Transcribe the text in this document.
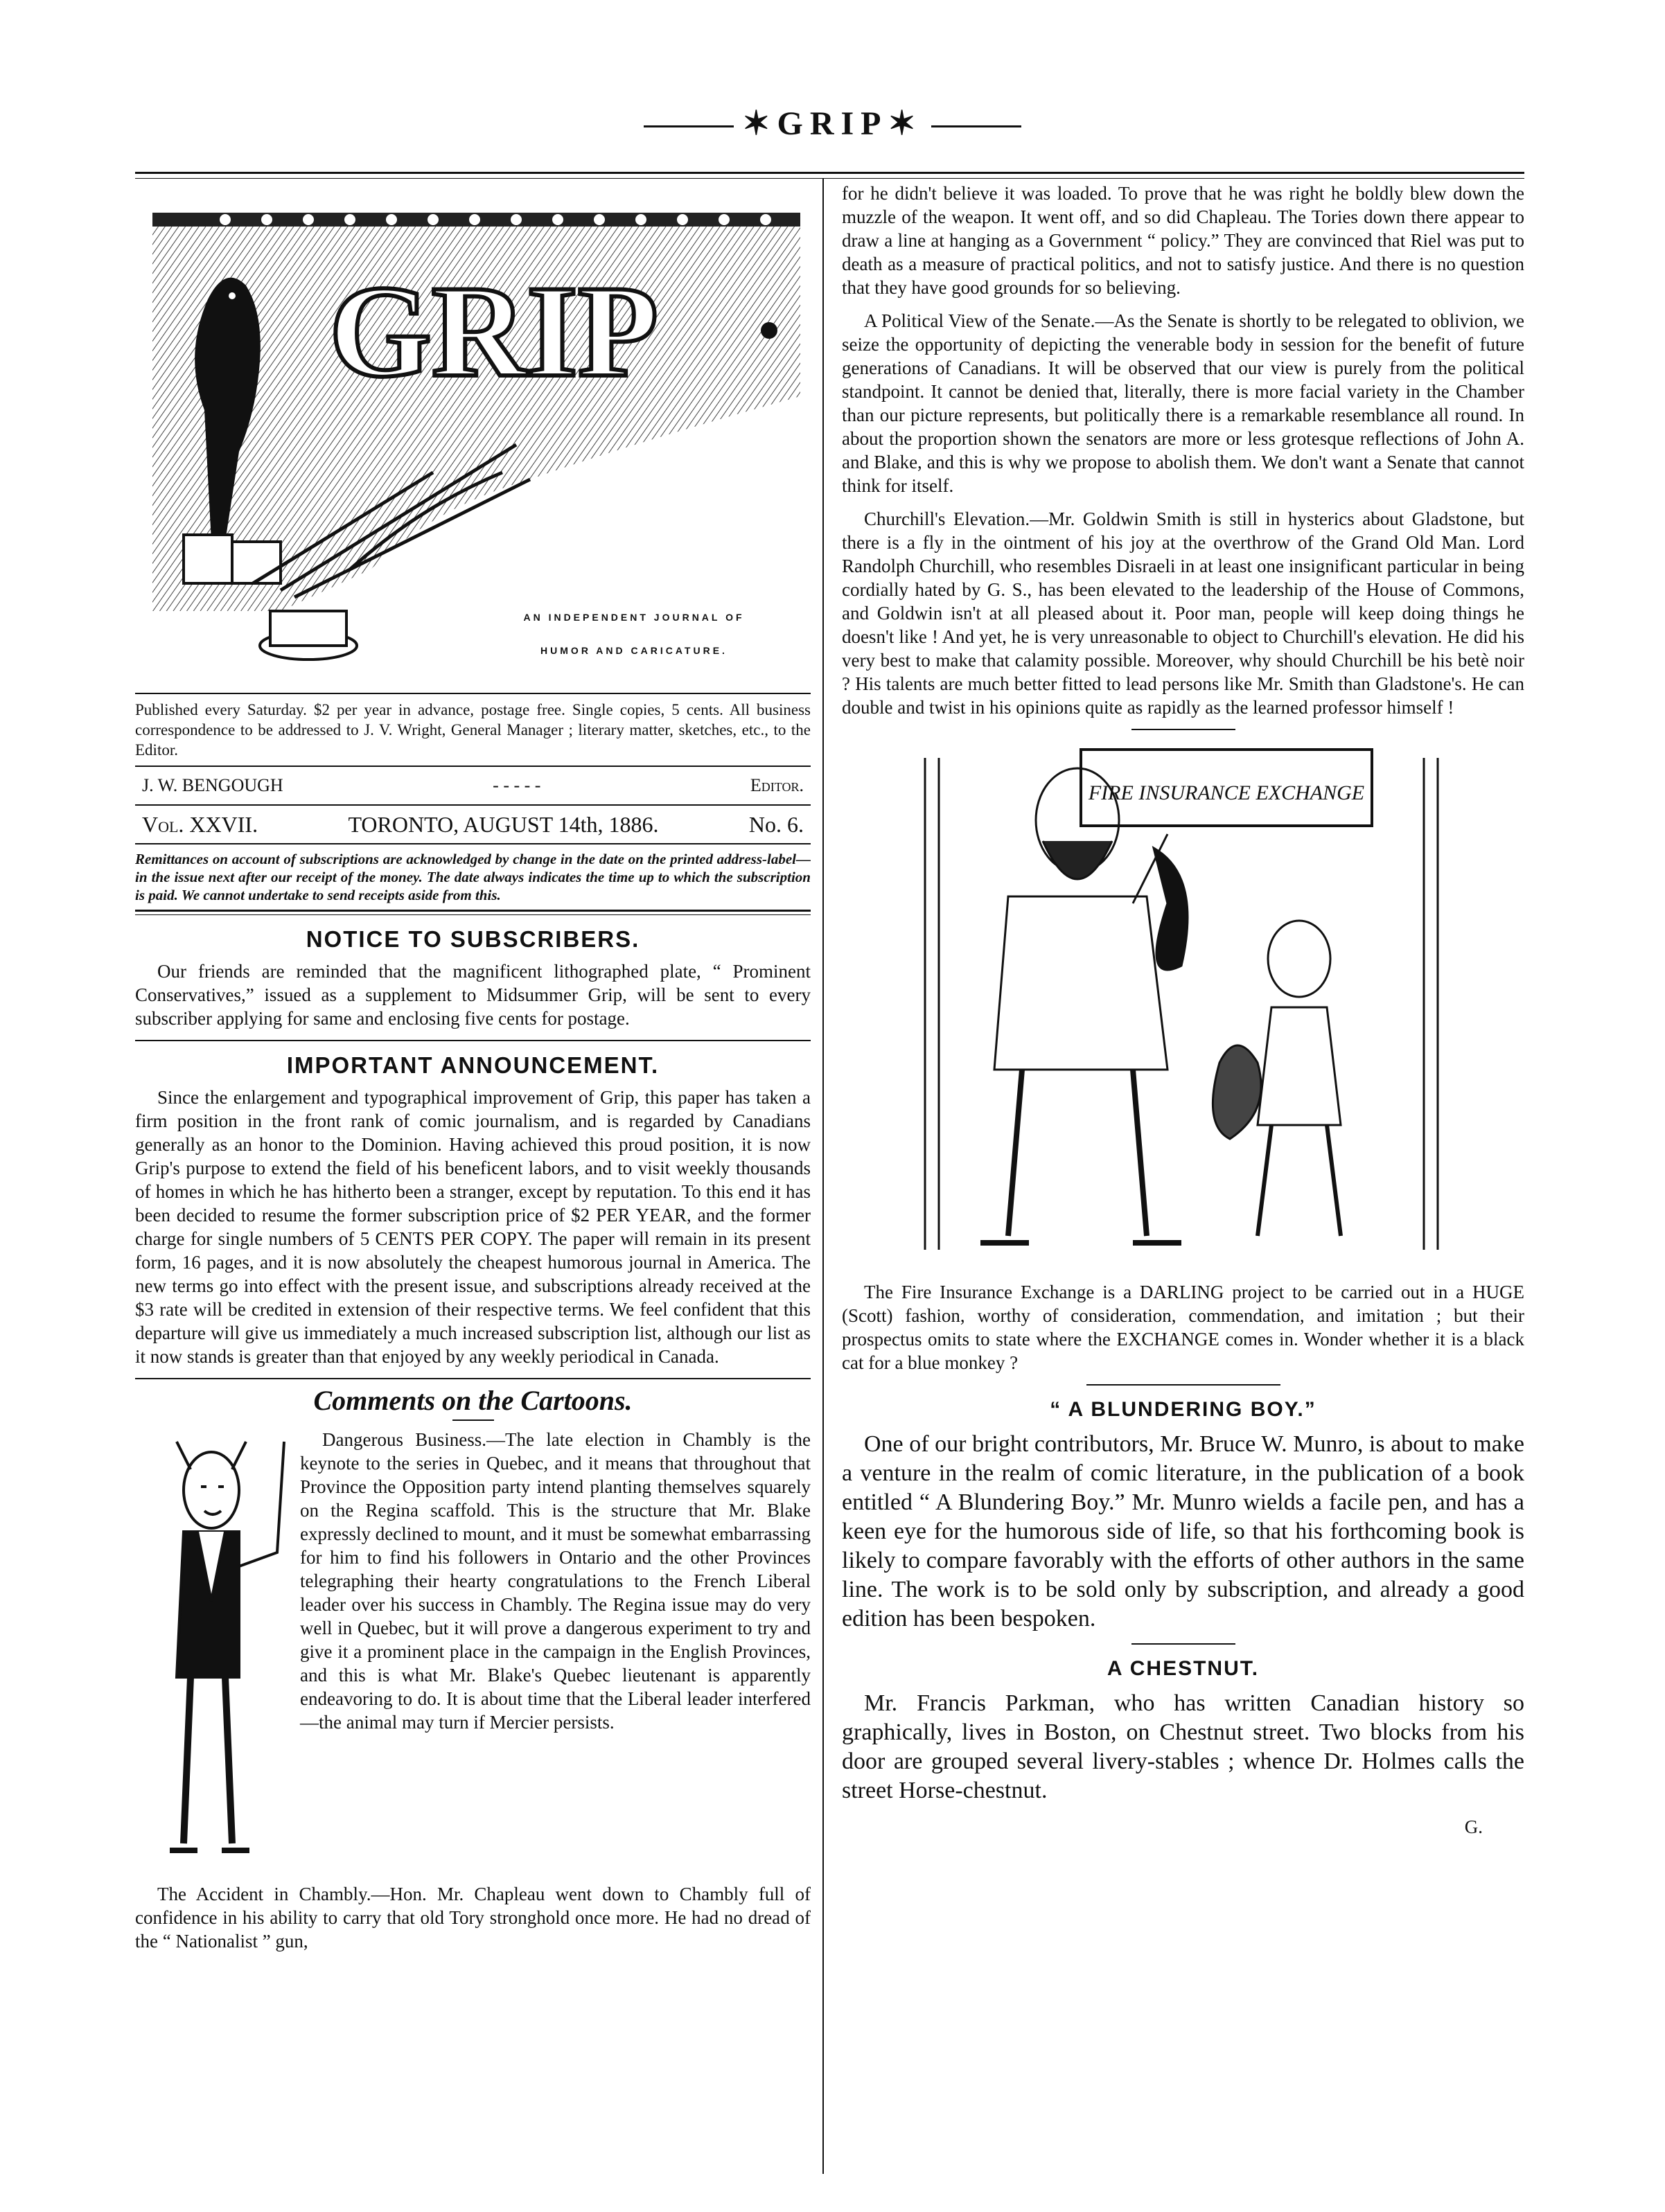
✶GRIP✶
GRIP
AN INDEPENDENT JOURNAL OF
HUMOR AND CARICATURE.

Published every Saturday. $2 per year in advance, postage free. Single copies, 5 cents. All business correspondence to be addressed to J. V. Wright, General Manager ; literary matter, sketches, etc., to the Editor.

J. W. BENGOUGH	- - - - -	Editor.
Vol. XXVII.	TORONTO, AUGUST 14th, 1886.	No. 6.

Remittances on account of subscriptions are acknowledged by change in the date on the printed address-label—in the issue next after our receipt of the money. The date always indicates the time up to which the subscription is paid. We cannot undertake to send receipts aside from this.

NOTICE TO SUBSCRIBERS.

Our friends are reminded that the magnificent lithographed plate, “ Prominent Conservatives,” issued as a supplement to Midsummer Grip, will be sent to every subscriber applying for same and enclosing five cents for postage.

IMPORTANT ANNOUNCEMENT.

Since the enlargement and typographical improvement of Grip, this paper has taken a firm position in the front rank of comic journalism, and is regarded by Canadians generally as an honor to the Dominion. Having achieved this proud position, it is now Grip's purpose to extend the field of his beneficent labors, and to visit weekly thousands of homes in which he has hitherto been a stranger, except by reputation. To this end it has been decided to resume the former subscription price of $2 PER YEAR, and the former charge for single numbers of 5 CENTS PER COPY. The paper will remain in its present form, 16 pages, and it is now absolutely the cheapest humorous journal in America. The new terms go into effect with the present issue, and subscriptions already received at the $3 rate will be credited in extension of their respective terms. We feel confident that this departure will give us immediately a much increased subscription list, although our list as it now stands is greater than that enjoyed by any weekly periodical in Canada.

Comments on the Cartoons.

Dangerous Business.—The late election in Chambly is the keynote to the series in Quebec, and it means that throughout that Province the Opposition party intend planting themselves squarely on the Regina scaffold. This is the structure that Mr. Blake expressly declined to mount, and it must be somewhat embarrassing for him to find his followers in Ontario and the other Provinces telegraphing their hearty congratulations to the French Liberal leader over his success in Chambly. The Regina issue may do very well in Quebec, but it will prove a dangerous experiment to try and give it a prominent place in the campaign in the English Provinces, and this is what Mr. Blake's Quebec lieutenant is apparently endeavoring to do. It is about time that the Liberal leader interfered—the animal may turn if Mercier persists.

The Accident in Chambly.—Hon. Mr. Chapleau went down to Chambly full of confidence in his ability to carry that old Tory stronghold once more. He had no dread of the “ Nationalist ” gun,

for he didn't believe it was loaded. To prove that he was right he boldly blew down the muzzle of the weapon. It went off, and so did Chapleau. The Tories down there appear to draw a line at hanging as a Government “ policy.” They are convinced that Riel was put to death as a measure of practical politics, and not to satisfy justice. And there is no question that they have good grounds for so believing.

A Political View of the Senate.—As the Senate is shortly to be relegated to oblivion, we seize the opportunity of depicting the venerable body in session for the benefit of future generations of Canadians. It will be observed that our view is purely from the political standpoint. It cannot be denied that, literally, there is more facial variety in the Chamber than our picture represents, but politically there is a remarkable resemblance all round. In about the proportion shown the senators are more or less grotesque reflections of John A. and Blake, and this is why we propose to abolish them. We don't want a Senate that cannot think for itself.

Churchill's Elevation.—Mr. Goldwin Smith is still in hysterics about Gladstone, but there is a fly in the ointment of his joy at the overthrow of the Grand Old Man. Lord Randolph Churchill, who resembles Disraeli in at least one insignificant particular in being cordially hated by G. S., has been elevated to the leadership of the House of Commons, and Goldwin isn't at all pleased about it. Poor man, people will keep doing things he doesn't like ! And yet, he is very unreasonable to object to Churchill's elevation. He did his very best to make that calamity possible. Moreover, why should Churchill be his betè noir ? His talents are much better fitted to lead persons like Mr. Smith than Gladstone's. He can double and twist in his opinions quite as rapidly as the learned professor himself !

FIRE INSURANCE EXCHANGE

The Fire Insurance Exchange is a DARLING project to be carried out in a HUGE (Scott) fashion, worthy of consideration, commendation, and imitation ; but their prospectus omits to state where the EXCHANGE comes in. Wonder whether it is a black cat for a blue monkey ?

“ A BLUNDERING BOY.”

One of our bright contributors, Mr. Bruce W. Munro, is about to make a venture in the realm of comic literature, in the publication of a book entitled “ A Blundering Boy.” Mr. Munro wields a facile pen, and has a keen eye for the humorous side of life, so that his forthcoming book is likely to compare favorably with the efforts of other authors in the same line. The work is to be sold only by subscription, and already a good edition has been bespoken.

A CHESTNUT.

Mr. Francis Parkman, who has written Canadian history so graphically, lives in Boston, on Chestnut street. Two blocks from his door are grouped several livery-stables ; whence Dr. Holmes calls the street Horse-chestnut.

G.
